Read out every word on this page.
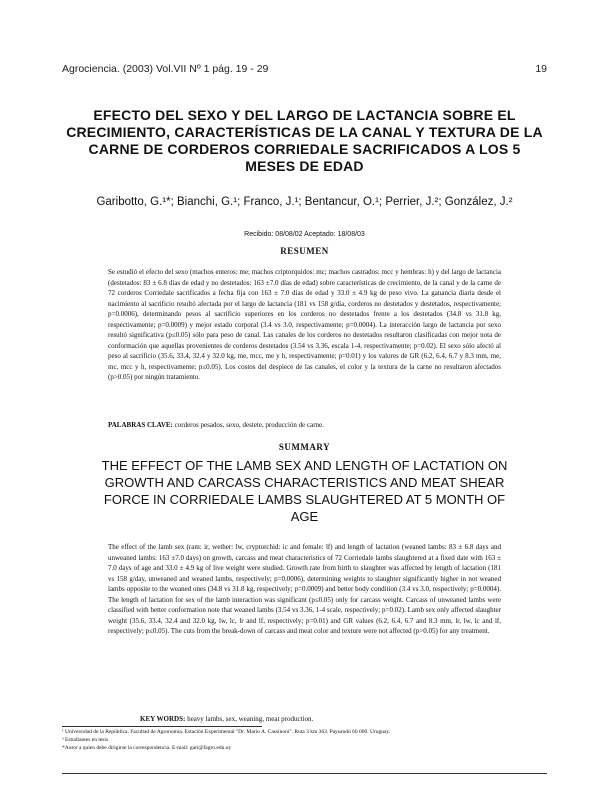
Agrociencia. (2003) Vol.VII Nº 1 pág. 19 - 29	19
EFECTO DEL SEXO Y DEL LARGO DE LACTANCIA SOBRE EL CRECIMIENTO, CARACTERÍSTICAS DE LA CANAL Y TEXTURA DE LA CARNE DE CORDEROS CORRIEDALE SACRIFICADOS A LOS 5 MESES DE EDAD
Garibotto, G.¹*; Bianchi, G.¹; Franco, J.¹; Bentancur, O.¹; Perrier, J.²; González, J.²
Recibido: 08/08/02 Aceptado: 18/08/03
RESUMEN
Se estudió el efecto del sexo (machos enteros: me; machos criptorquidos: mc; machos castrados: mcc y hembras: h) y del largo de lactancia (destetados: 83 ± 6.8 días de edad y no destetados: 163 ±7.0 días de edad) sobre características de crecimiento, de la canal y de la carne de 72 corderos Corriedale sacrificados a fecha fija con 163 ± 7.0 días de edad y 33.0 ± 4.9 kg de peso vivo. La ganancia diaria desde el nacimiento al sacrificio resultó afectada por el largo de lactancia (181 vs 158 g/día, corderos no destetados y destetados, respectivamente; p=0.0006), determinando pesos al sacrificio superiores en los corderos no destetados frente a los destetados (34.8 vs 31.8 kg, respectivamente; p=0.0009) y mejor estado corporal (3.4 vs 3.0, respectivamente; p=0.0004). La interacción largo de lactancia por sexo resultó significativa (p≤0.05) sólo para peso de canal. Las canales de los corderos no destetados resultaron clasificadas con mejor nota de conformación que aquellas provenientes de corderos destetados (3.54 vs 3.36, escala 1-4, respectivamente; p=0.02). El sexo sólo afectó al peso al sacrificio (35.6, 33.4, 32.4 y 32.0 kg, me, mcc, me y h, respectivamente; p=0.01) y los valores de GR (6.2, 6.4, 6.7 y 8.3 mm, me, mc, mcc y h, respectivamente; p≤0.05). Los costos del despiece de las canales, el color y la textura de la carne no resultaron afectados (p>0.05) por ningún tratamiento.
PALABRAS CLAVE: corderos pesados, sexo, destete, producción de carne.
SUMMARY
THE EFFECT OF THE LAMB SEX AND LENGTH OF LACTATION ON GROWTH AND CARCASS CHARACTERISTICS AND MEAT SHEAR FORCE IN CORRIEDALE LAMBS SLAUGHTERED AT 5 MONTH OF AGE
The effect of the lamb sex (ram: ir, wether: lw, cryptorchid: ic and female: lf) and length of lactation (weaned lambs: 83 ± 6.8 days and unweaned lambs: 163 ±7.0 days) on growth, carcass and meat characteristics of 72 Corriedale lambs slaughtered at a fixed date with 163 ± 7.0 days of age and 33.0 ± 4.9 kg of live weight were studied. Growth rate from birth to slaughter was affected by length of lactation (181 vs 158 g/day, unweaned and weaned lambs, respectively; p=0.0006), determining weights to slaughter significantly higher in not weaned lambs opposite to the weaned ones (34.8 vs 31.8 kg, respectively; p=0.0009) and better body condition (3.4 vs 3.0, respectively; p=0.0004). The length of lactation for sex of the lamb interaction was significant (p≤0.05) only for carcass weight. Carcass of unweaned lambs were classified with better conformation note that weaned lambs (3.54 vs 3.36, 1-4 scale, respectively; p=0.02). Lamb sex only affected slaughter weight (35.6, 33.4, 32.4 and 32.0 kg, lw, lc, lr and lf, respectively; p=0.01) and GR values (6.2, 6.4, 6.7 and 8.3 mm, lr, lw, lc and lf, respectively; p≤0.05). The cuts from the break-down of carcass and meat color and texture were not affected (p>0.05) for any treatment.
KEY WORDS: heavy lambs, sex, weaning, meat production.
¹ Universidad de la República. Facultad de Agronomía. Estación Experimental "Dr. Mario A. Cassinoni". Ruta 3 km 363. Paysandú 60 000. Uruguay.
² Estudiantes en tesis
*Autor a quien debe dirigirse la correspondencia. E-mail: gari@fagro.edu.uy
